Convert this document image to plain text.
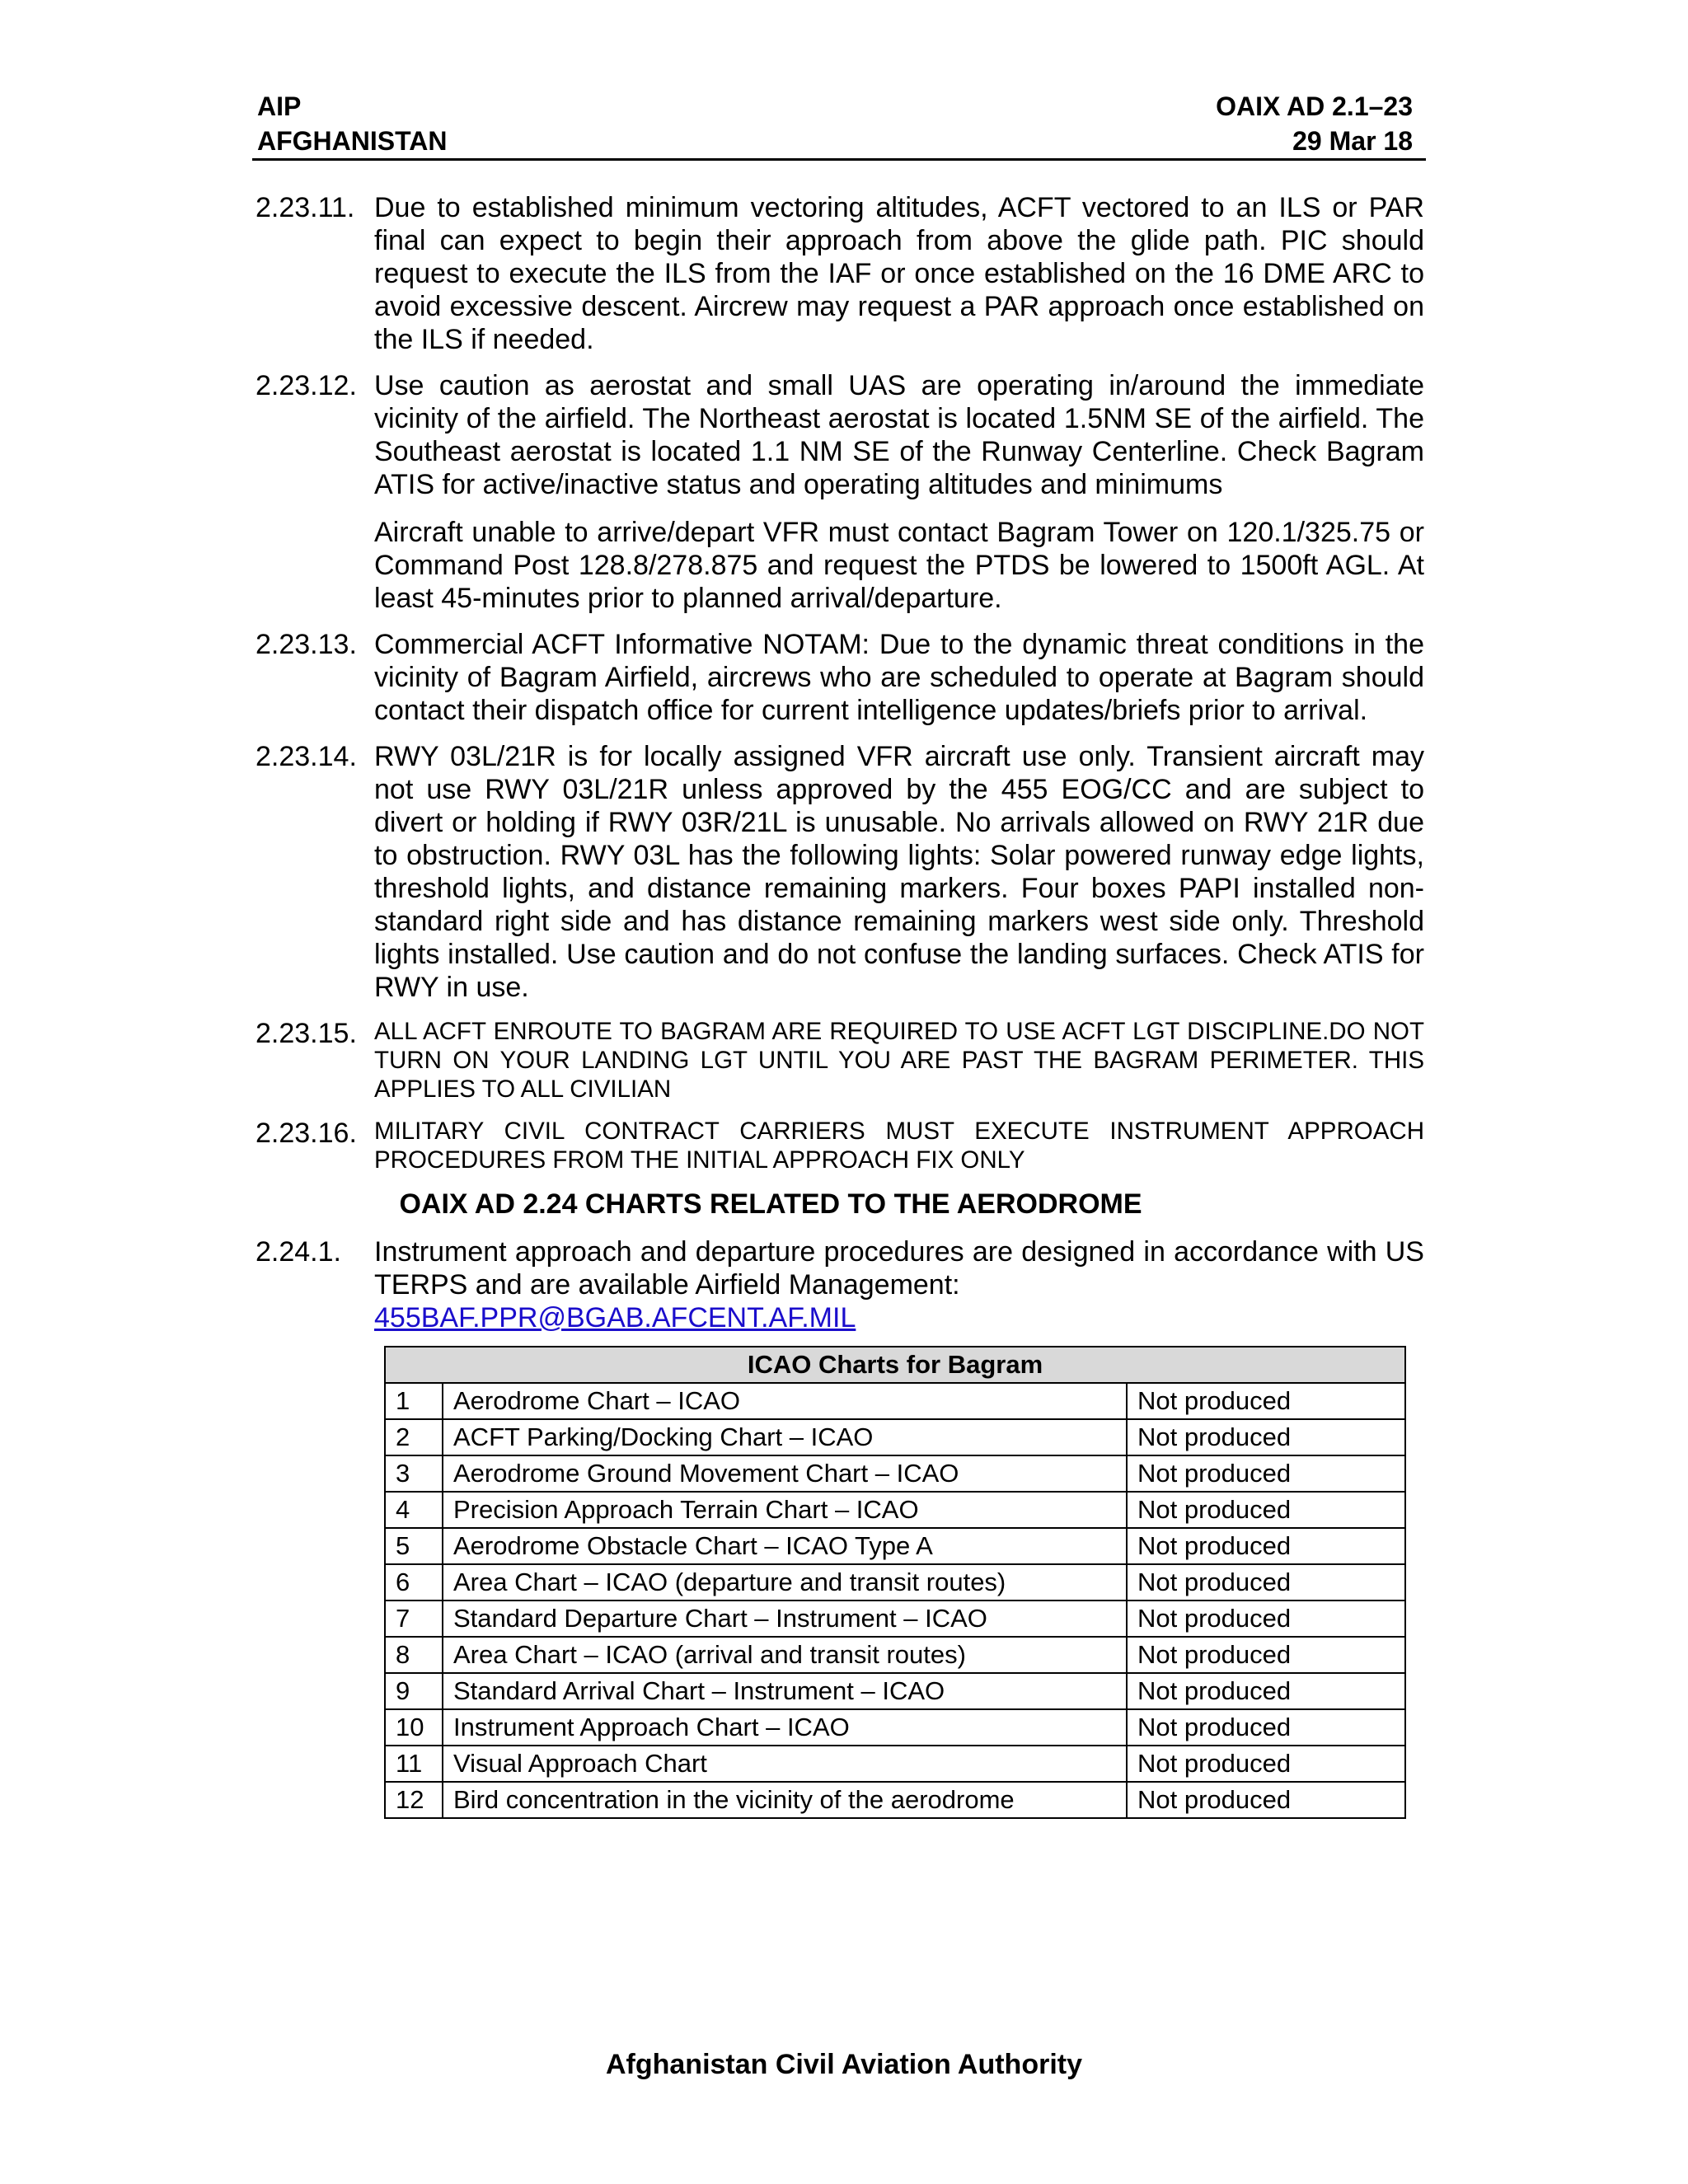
AIP
AFGHANISTAN
OAIX AD 2.1–23
29 Mar 18
2.23.11. Due to established minimum vectoring altitudes, ACFT vectored to an ILS or PAR final can expect to begin their approach from above the glide path. PIC should request to execute the ILS from the IAF or once established on the 16 DME ARC to avoid excessive descent. Aircrew may request a PAR approach once established on the ILS if needed.

2.23.12. Use caution as aerostat and small UAS are operating in/around the immediate vicinity of the airfield. The Northeast aerostat is located 1.5NM SE of the airfield. The Southeast aerostat is located 1.1 NM SE of the Runway Centerline. Check Bagram ATIS for active/inactive status and operating altitudes and minimums

Aircraft unable to arrive/depart VFR must contact Bagram Tower on 120.1/325.75 or Command Post 128.8/278.875 and request the PTDS be lowered to 1500ft AGL. At least 45-minutes prior to planned arrival/departure.

2.23.13. Commercial ACFT Informative NOTAM: Due to the dynamic threat conditions in the vicinity of Bagram Airfield, aircrews who are scheduled to operate at Bagram should contact their dispatch office for current intelligence updates/briefs prior to arrival.

2.23.14. RWY 03L/21R is for locally assigned VFR aircraft use only. Transient aircraft may not use RWY 03L/21R unless approved by the 455 EOG/CC and are subject to divert or holding if RWY 03R/21L is unusable. No arrivals allowed on RWY 21R due to obstruction. RWY 03L has the following lights: Solar powered runway edge lights, threshold lights, and distance remaining markers. Four boxes PAPI installed non-standard right side and has distance remaining markers west side only. Threshold lights installed. Use caution and do not confuse the landing surfaces. Check ATIS for RWY in use.

2.23.15. ALL ACFT ENROUTE TO BAGRAM ARE REQUIRED TO USE ACFT LGT DISCIPLINE.DO NOT TURN ON YOUR LANDING LGT UNTIL YOU ARE PAST THE BAGRAM PERIMETER. THIS APPLIES TO ALL CIVILIAN

2.23.16. MILITARY CIVIL CONTRACT CARRIERS MUST EXECUTE INSTRUMENT APPROACH PROCEDURES FROM THE INITIAL APPROACH FIX ONLY

OAIX AD 2.24 CHARTS RELATED TO THE AERODROME
2.24.1.	Instrument approach and departure procedures are designed in accordance with US TERPS and are available Airfield Management:
455BAF.PPR@BGAB.AFCENT.AF.MIL

ICAO Charts for Bagram		
1	Aerodrome Chart – ICAO	Not produced
2	ACFT Parking/Docking Chart – ICAO	Not produced
3	Aerodrome Ground Movement Chart – ICAO	Not produced
4	Precision Approach Terrain Chart – ICAO	Not produced
5	Aerodrome Obstacle Chart – ICAO Type A	Not produced
6	Area Chart – ICAO (departure and transit routes)	Not produced
7	Standard Departure Chart – Instrument – ICAO	Not produced
8	Area Chart – ICAO (arrival and transit routes)	Not produced
9	Standard Arrival Chart – Instrument – ICAO	Not produced
10	Instrument Approach Chart – ICAO	Not produced
11	Visual Approach Chart	Not produced
12	Bird concentration in the vicinity of the aerodrome	Not produced
Afghanistan Civil Aviation Authority
